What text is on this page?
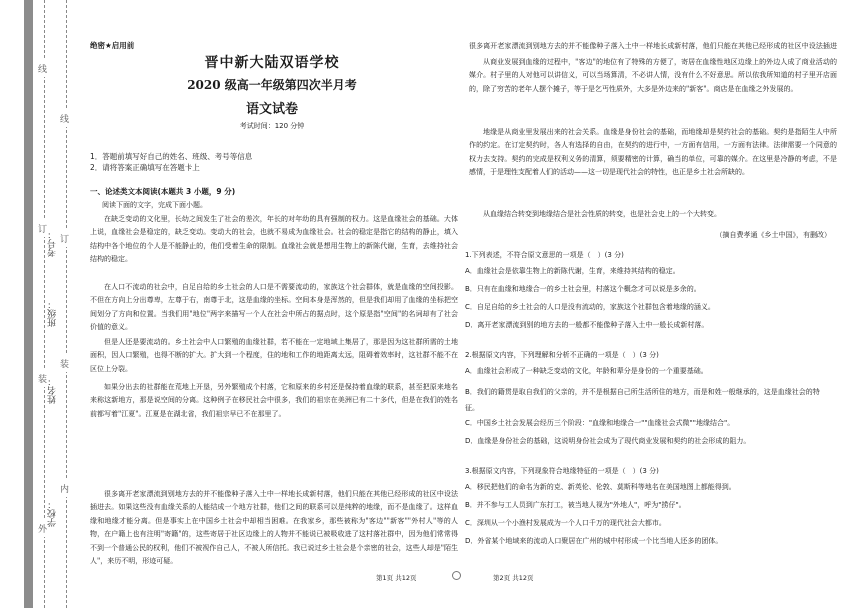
线
订
装
外
线
订
装
内
学校：
姓名：
班级：
考号：
绝密★启用前
晋中新大陆双语学校
2020 级高一年级第四次半月考
语文试卷
考试时间：120 分钟
1．答题前填写好自己的姓名、班级、考号等信息
2．请将答案正确填写在答题卡上
一、论述类文本阅读(本题共 3 小题，9 分)
阅读下面的文字，完成下面小题。

在缺乏变动的文化里，长幼之间发生了社会的差次，年长的对年幼的具有强制的权力。这是血缘社会的基础。大体上说，血缘社会是稳定的，缺乏变动。变动大的社会，也就不易成为血缘社会。社会的稳定是指它的结构的静止，填入结构中各个地位的个人是不能静止的，他们受着生命的限制。血缘社会就是想用生物上的新陈代谢，生育，去维持社会结构的稳定。

在人口不流动的社会中，自足自给的乡土社会的人口是不需要流动的，家族这个社会群体，就是血缘的空间投影。不但在方向上分出尊卑，左尊于右，南尊于北，这是血缘的坐标。空间本身是浑然的，但是我们却用了血缘的坐标把空间划分了方向和位置。当我们用"地位"两字来描写一个人在社会中所占的据点时，这个原是指"空间"的名词却有了社会价值的意义。

但是人还是要流动的。乡土社会中人口繁殖的血缘社群，若不能在一定地域上集居了，那是因为这社群所需的土地面积，因人口繁殖，也得不断的扩大。扩大到一个程度，住的地和工作的地距离太远，阻碍着效率时，这社群不能不在区位上分裂。

如果分出去的社群能在荒地上开垦，另外繁殖成个村落，它和原来的乡村还是保持着血缘的联系，甚至把原来地名来称这新地方，那是说空间的分离。这种例子在移民社会中很多，我们的祖宗在美洲已有二十多代，但是在我们的姓名前都写着"江夏"。江夏是在湖北省，我们祖宗早已不在那里了。

很多离开老家漂流到别地方去的并不能像种子落入土中一样地长成新村落，他们只能在其他已经形成的社区中设法插进去。如果这些没有血缘关系的人能结成一个地方社群，他们之间的联系可以是纯粹的地缘，而不是血缘了。这样血缘和地缘才能分离。但是事实上在中国乡土社会中却相当困难。在我家乡，那些被称为"客边""新客""外村人"等的人物，在户籍上也有注明"寄籍"的，这些寄居于社区边缘上的人物并不能说已被吸收进了这村落社群中，因为他们常常得不到一个普通公民的权利，他们不被视作自己人，不被人所信托。我已说过乡土社会是个亲密的社会，这些人却是"陌生人"，来历不明，形迹可疑。

第1页 共12页

很多离开老家漂流到别地方去的并不能像种子落入土中一样地长成新村落，他们只能在其他已经形成的社区中设法插进

从商业发展到血缘的过程中，"客边"的地位有了特殊的方便了，寄居在血缘性地区边缘上的外边人成了商业活动的媒介。村子里的人对他可以讲信义，可以当场算清，不必讲人情，没有什么不好意思。所以依我所知道的村子里开店面的，除了穷苦的老年人摆个摊子，等于是乞丐性质外，大多是外边来的"新客"。商店是在血缘之外发展的。

地缘是从商业里发展出来的社会关系。血缘是身份社会的基础，而地缘却是契约社会的基础。契约是指陌生人中所作的约定。在订定契约时，各人有选择的自由，在契约的进行中，一方面有信用，一方面有法律。法律需要一个同意的权力去支持。契约的完成是权利义务的清算，须要精密的计算，确当的单位，可靠的媒介。在这里是冷静的考虑，不是感情，于是理性支配着人们的活动——这一切是现代社会的特性，也正是乡土社会所缺的。

从血缘结合转变到地缘结合是社会性质的转变，也是社会史上的一个大转变。

（摘自费孝通《乡土中国》，有删改）
1.下列表述，不符合原文意思的一项是（　）(3 分)
A．血缘社会是依靠生物上的新陈代谢，生育，来维持其结构的稳定。
B．只有在血缘和地缘合一的乡土社会里，村落这个概念才可以说是多余的。
C．自足自给的乡土社会的人口是没有流动的，家族这个社群包含着地缘的涵义。
D．离开老家漂流到别的地方去的一般都不能像种子落入土中一般长成新村落。
2.根据原文内容，下列理解和分析不正确的一项是（　）(3 分)
A．血缘社会形成了一种缺乏变动的文化，年龄和辈分是身份的一个重要基础。
B．我们的籍贯是取自我们的父亲的，并不是根据自己所生活所住的地方，而是和姓一般继承的，这是血缘社会的特征。
C．中国乡土社会发展会经历三个阶段："血缘和地缘合一""血缘社会式微""地缘结合"。
D．血缘是身份社会的基础，这说明身份社会成为了现代商业发展和契约的社会形成的阻力。
3.根据原文内容，下列现象符合地缘特征的一项是（　）(3 分)
A．移民把他们的命名为新的克、新英伦、伦敦、莫斯科等地名在美国地图上都能得到。
B．并不参与工人员到广东打工，被当地人视为"外地人"，呼为"捞仔"。
C．深圳从一个小渔村发展成为一个人口千万的现代社会大都市。
D．外省某个地域来的流动人口聚居在广州的城中村形成一个比当地人还多的团体。
第2页 共12页
